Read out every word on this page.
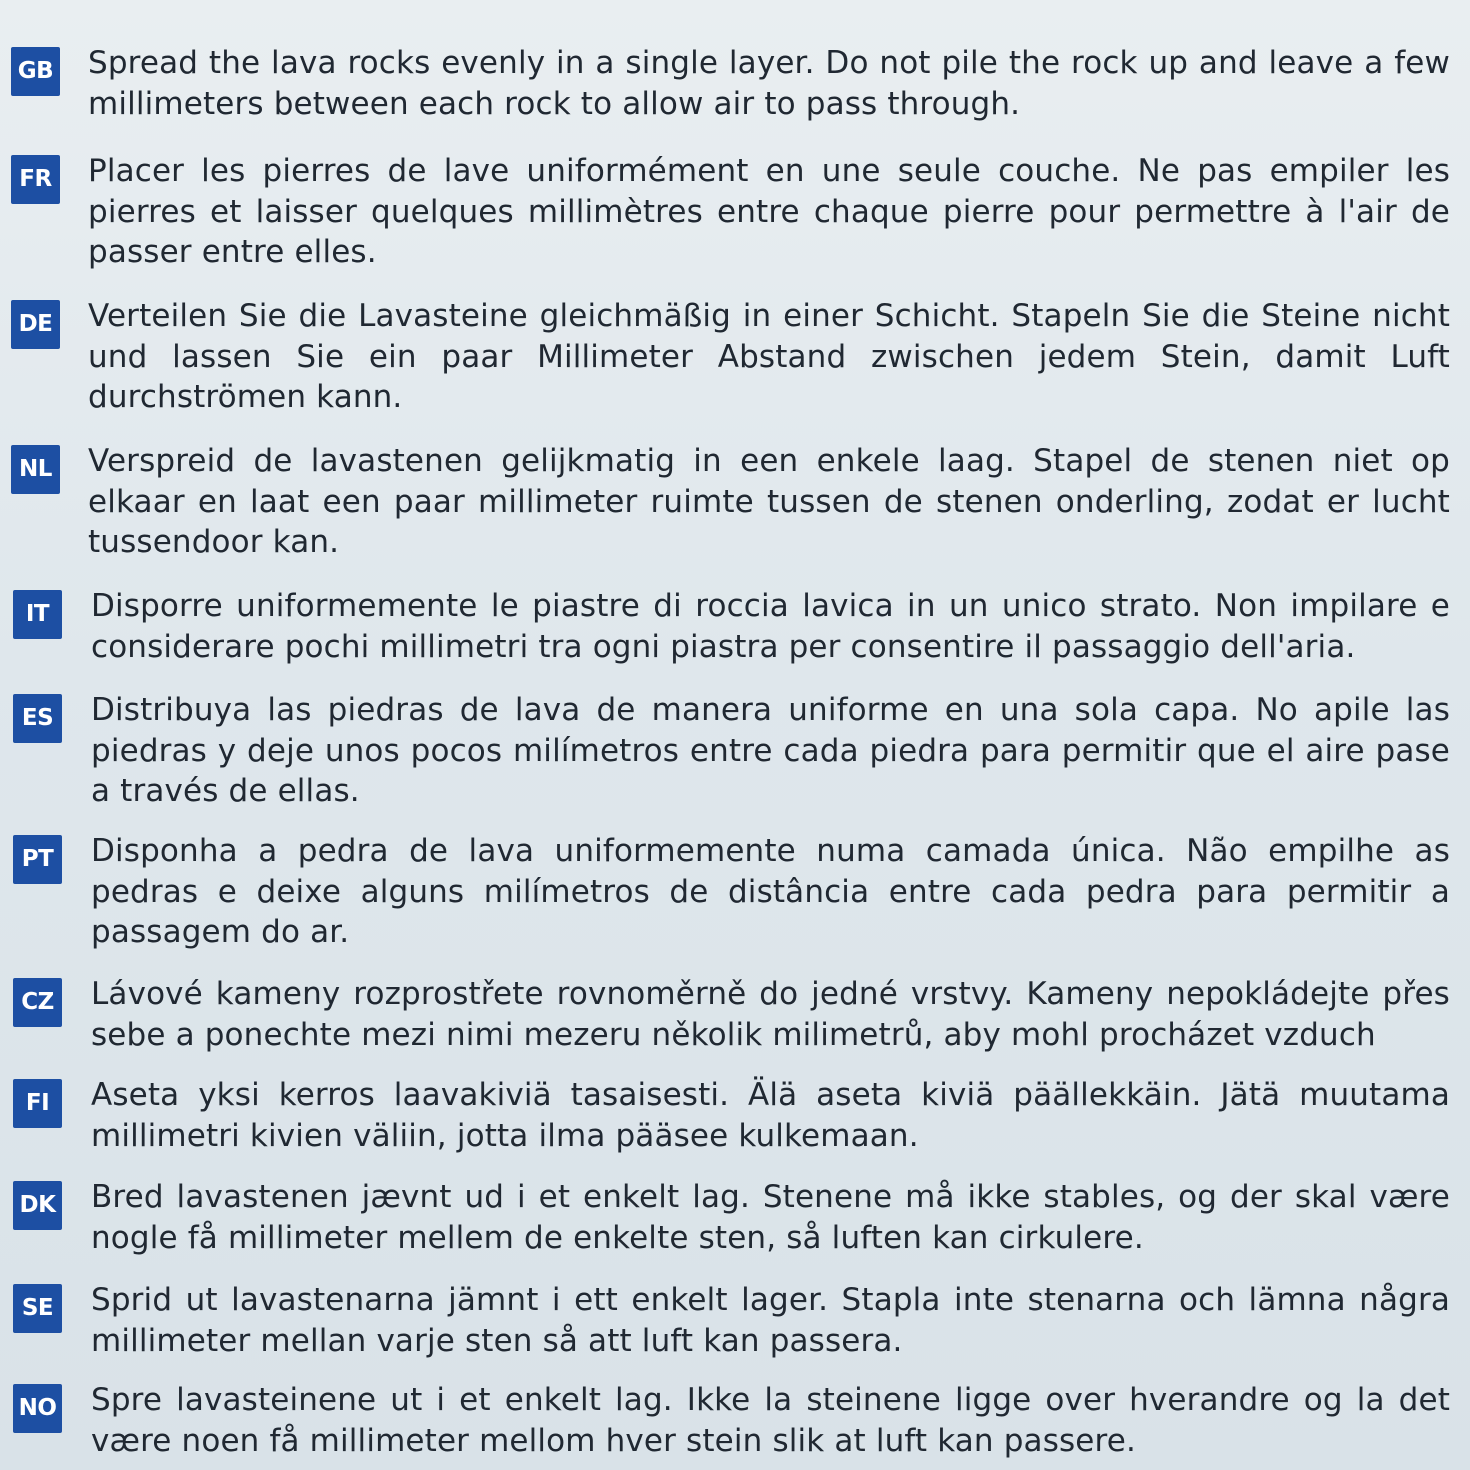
GB Spread the lava rocks evenly in a single layer. Do not pile the rock up and leave a few millimeters between each rock to allow air to pass through.

FR Placer les pierres de lave uniformément en une seule couche. Ne pas empiler les pierres et laisser quelques millimètres entre chaque pierre pour permettre à l'air de passer entre elles.

DE Verteilen Sie die Lavasteine gleichmäßig in einer Schicht. Stapeln Sie die Steine nicht und lassen Sie ein paar Millimeter Abstand zwischen jedem Stein, damit Luft durchströmen kann.

NL Verspreid de lavastenen gelijkmatig in een enkele laag. Stapel de stenen niet op elkaar en laat een paar millimeter ruimte tussen de stenen onderling, zodat er lucht tussendoor kan.

IT	Disporre uniformemente le piastre di roccia lavica in un unico strato. Non impilare e considerare pochi millimetri tra ogni piastra per consentire il passaggio dell'aria.

ES Distribuya las piedras de lava de manera uniforme en una sola capa. No apile las piedras y deje unos pocos milímetros entre cada piedra para permitir que el aire pase a través de ellas.

PT Disponha a pedra de lava uniformemente numa camada única. Não empilhe as pedras e deixe alguns milímetros de distância entre cada pedra para permitir a passagem do ar.

CZ Lávové kameny rozprostřete rovnoměrně do jedné vrstvy. Kameny nepokládejte přes sebe a ponechte mezi nimi mezeru několik milimetrů, aby mohl procházet vzduch

FI	Aseta yksi kerros laavakiviä tasaisesti. Älä aseta kiviä päällekkäin. Jätä muutama millimetri kivien väliin, jotta ilma pääsee kulkemaan.

DK Bred lavastenen jævnt ud i et enkelt lag. Stenene må ikke stables, og der skal være nogle få millimeter mellem de enkelte sten, så luften kan cirkulere.

SE Sprid ut lavastenarna jämnt i ett enkelt lager. Stapla inte stenarna och lämna några millimeter mellan varje sten så att luft kan passera.

NO Spre lavasteinene ut i et enkelt lag. Ikke la steinene ligge over hverandre og la det være noen få millimeter mellom hver stein slik at luft kan passere.
